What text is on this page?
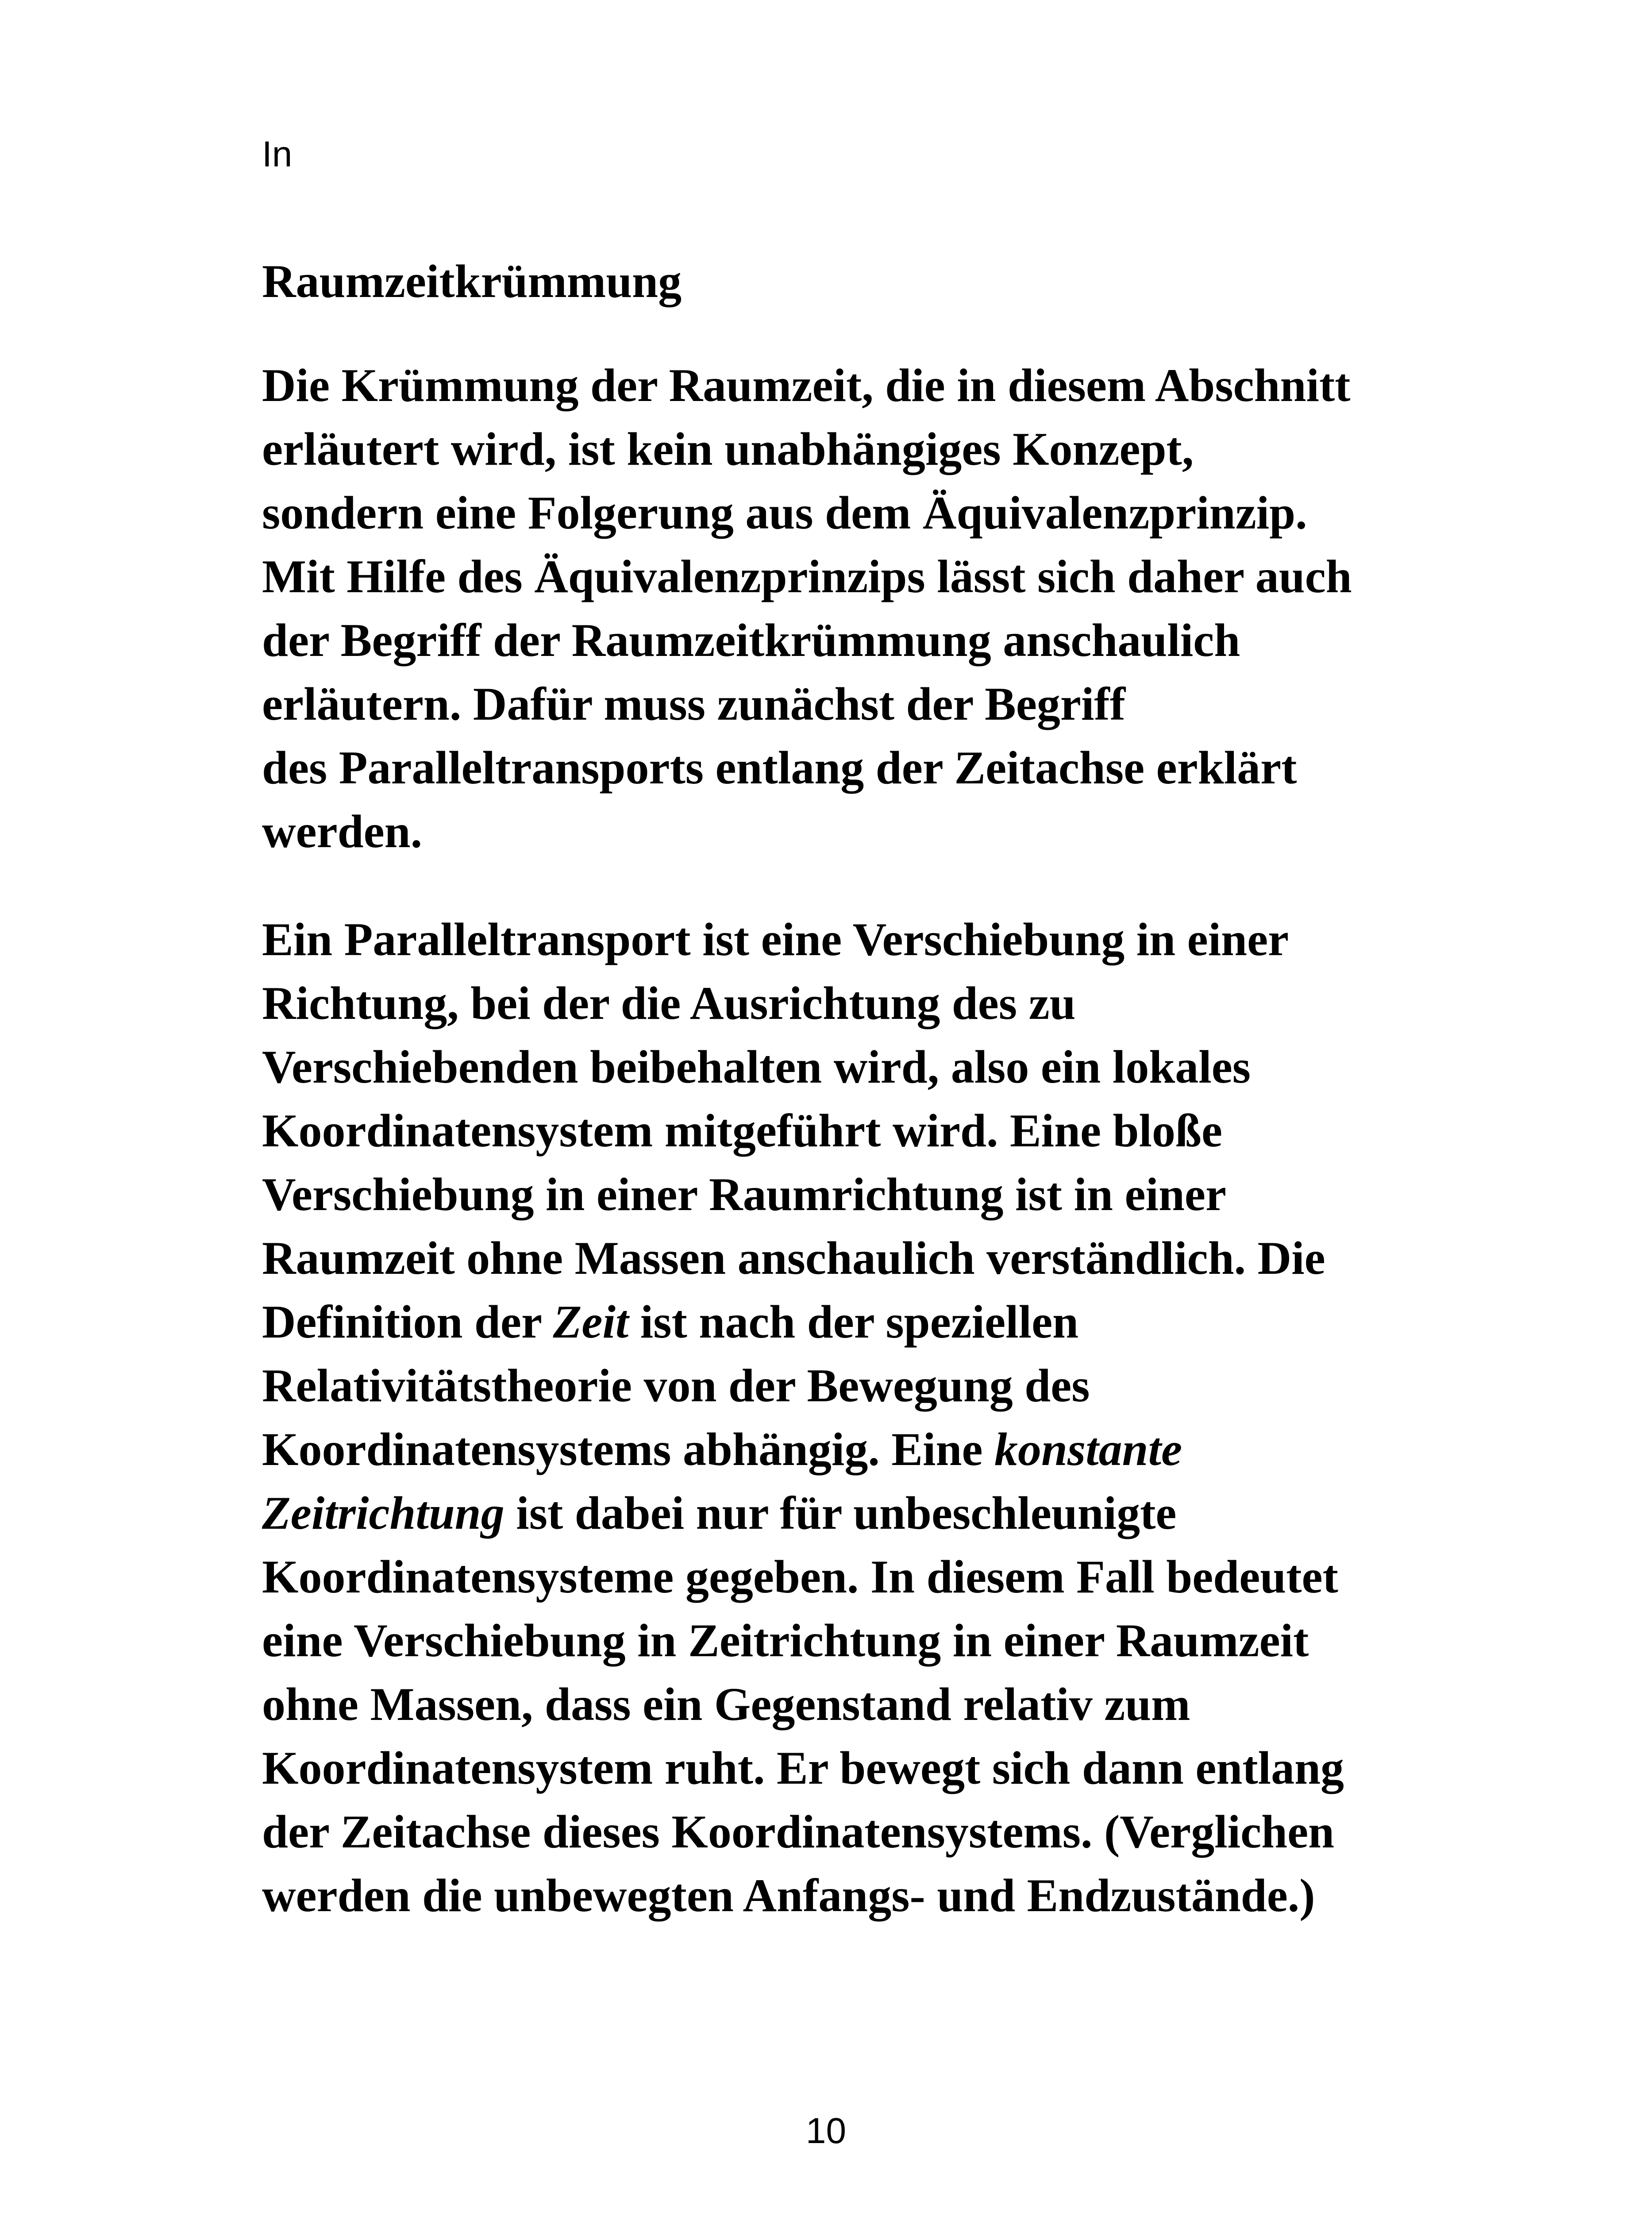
In

Raumzeitkrümmung

Die Krümmung der Raumzeit, die in diesem Abschnitt
erläutert wird, ist kein unabhängiges Konzept,
sondern eine Folgerung aus dem Äquivalenzprinzip.
Mit Hilfe des Äquivalenzprinzips lässt sich daher auch
der Begriff der Raumzeitkrümmung anschaulich
erläutern. Dafür muss zunächst der Begriff
des Paralleltransports entlang der Zeitachse erklärt
werden.

Ein Paralleltransport ist eine Verschiebung in einer
Richtung, bei der die Ausrichtung des zu
Verschiebenden beibehalten wird, also ein lokales
Koordinatensystem mitgeführt wird. Eine bloße
Verschiebung in einer Raumrichtung ist in einer
Raumzeit ohne Massen anschaulich verständlich. Die
Definition der Zeit ist nach der speziellen
Relativitätstheorie von der Bewegung des
Koordinatensystems abhängig. Eine konstante
Zeitrichtung ist dabei nur für unbeschleunigte
Koordinatensysteme gegeben. In diesem Fall bedeutet
eine Verschiebung in Zeitrichtung in einer Raumzeit
ohne Massen, dass ein Gegenstand relativ zum
Koordinatensystem ruht. Er bewegt sich dann entlang
der Zeitachse dieses Koordinatensystems. (Verglichen
werden die unbewegten Anfangs- und Endzustände.)

10
